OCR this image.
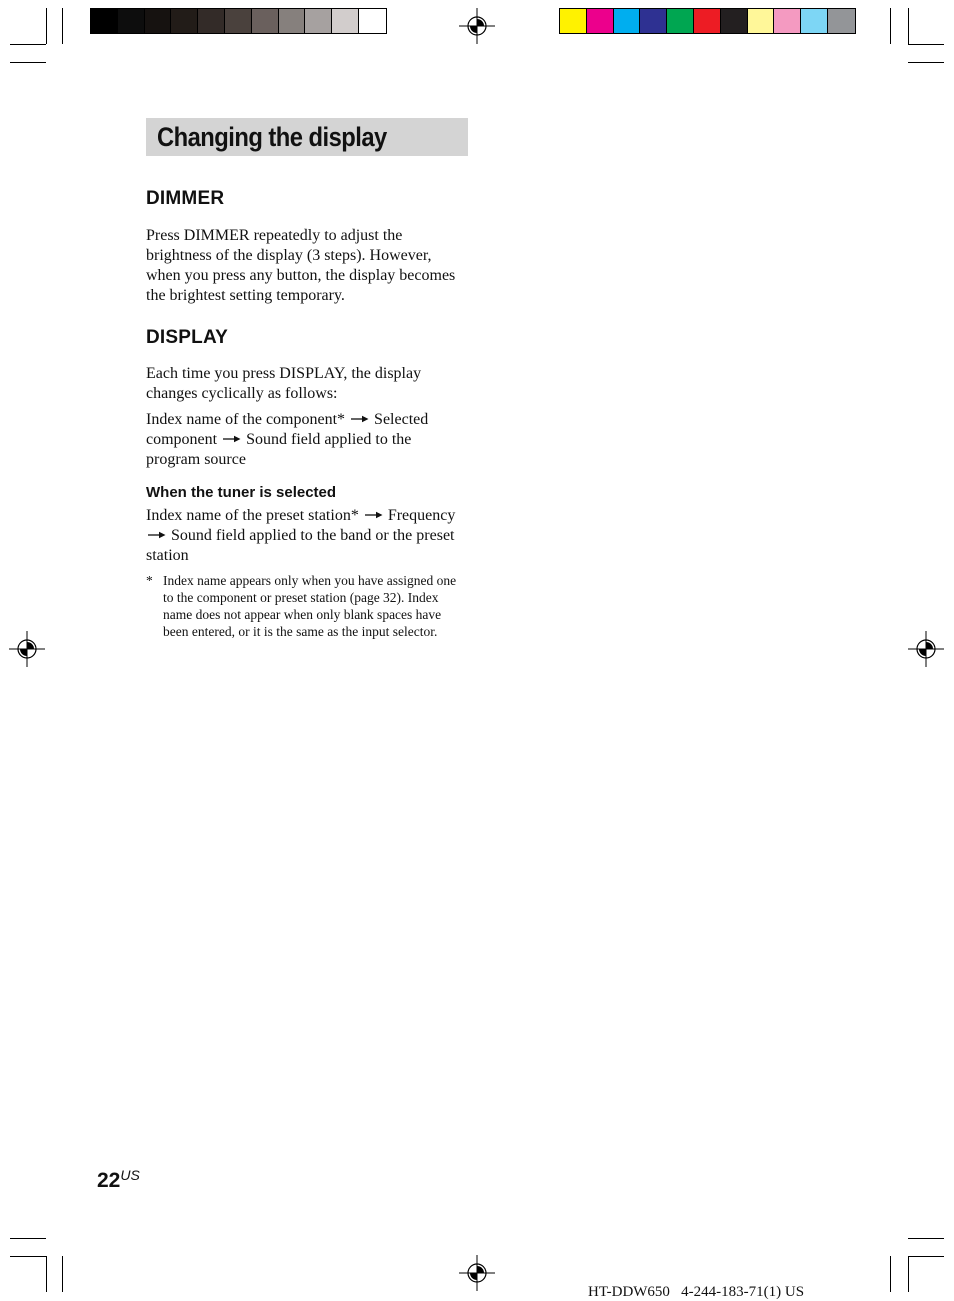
Changing the display
DIMMER

Press DIMMER repeatedly to adjust the brightness of the display (3 steps). However, when you press any button, the display becomes the brightest setting temporary.

DISPLAY

Each time you press DISPLAY, the display changes cyclically as follows:

Index name of the component* Selected component Sound field applied to the program source

When the tuner is selected

Index name of the preset station* Frequency  Sound field applied to the band or the preset station

* Index name appears only when you have assigned one to the component or preset station (page 32). Index name does not appear when only blank spaces have been entered, or it is the same as the input selector.
22US
HT-DDW650   4-244-183-71(1) US
